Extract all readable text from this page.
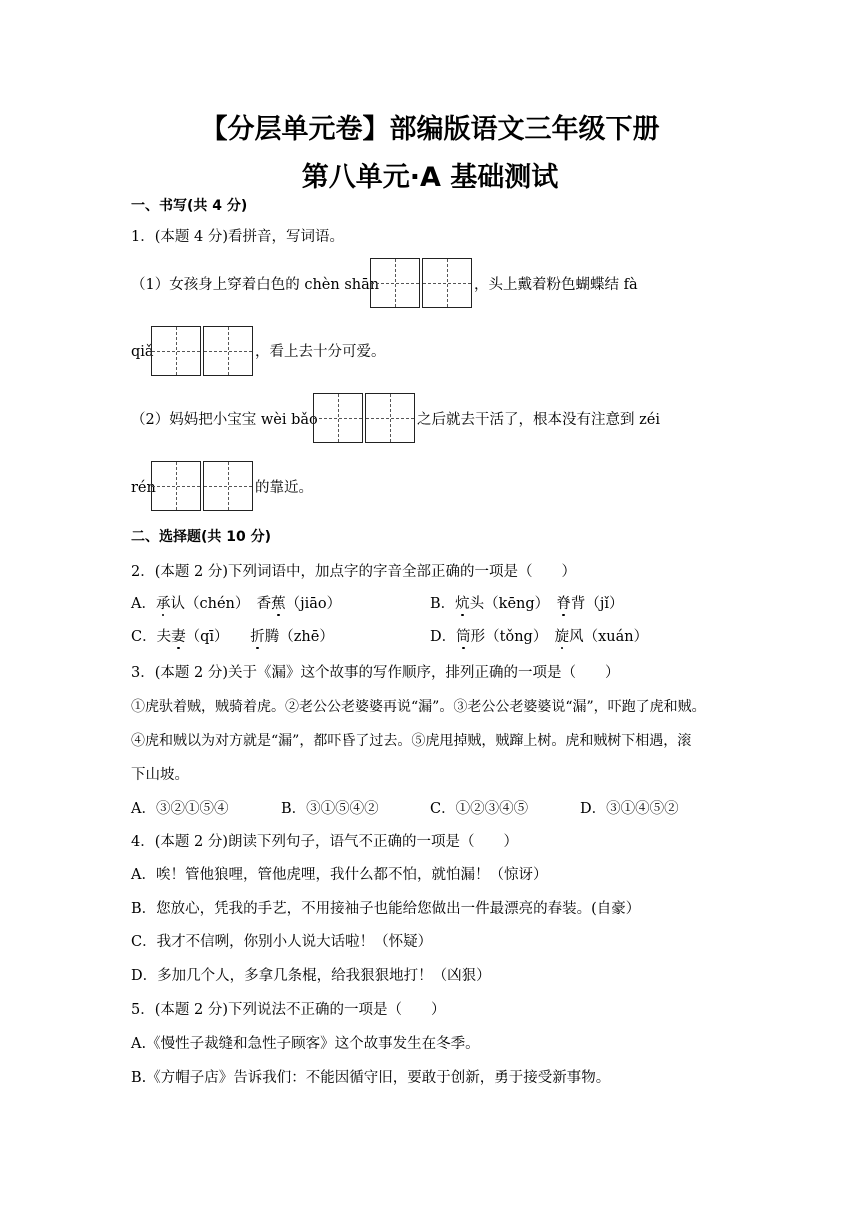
【分层单元卷】部编版语文三年级下册
第八单元·A 基础测试
一、书写(共 4 分)
1．(本题 4 分)看拼音，写词语。
（1）女孩身上穿着白色的 chèn shān	，头上戴着粉色蝴蝶结 fà
qiǎ	，看上去十分可爱。
（2）妈妈把小宝宝 wèi bǎo	之后就去干活了，根本没有注意到 zéi
rén	的靠近。
二、选择题(共 10 分)
2．(本题 2 分)下列词语中，加点字的字音全部正确的一项是（　　）
A．承认（chén）　 香蕉（jiāo）	B．炕头（kēng）　 脊背（jǐ）
C．夫妻（qī）　　 折腾（zhē）	D．筒形（tǒng）　 旋风（xuán）
3．(本题 2 分)关于《漏》这个故事的写作顺序，排列正确的一项是（　　）
①虎驮着贼，贼骑着虎。②老公公老婆婆再说“漏”。③老公公老婆婆说“漏”，吓跑了虎和贼。
④虎和贼以为对方就是“漏”，都吓昏了过去。⑤虎甩掉贼，贼蹿上树。虎和贼树下相遇，滚
下山坡。
A．③②①⑤④	B．③①⑤④②	C．①②③④⑤	D．③①④⑤②
4．(本题 2 分)朗读下列句子，语气不正确的一项是（　　）
A．唉！管他狼哩，管他虎哩，我什么都不怕，就怕漏！（惊讶）
B．您放心，凭我的手艺，不用接袖子也能给您做出一件最漂亮的春装。(自豪）
C．我才不信咧，你别小人说大话啦！（怀疑）
D．多加几个人，多拿几条棍，给我狠狠地打！（凶狠）
5．(本题 2 分)下列说法不正确的一项是（　　）
A.《慢性子裁缝和急性子顾客》这个故事发生在冬季。
B.《方帽子店》告诉我们：不能因循守旧，要敢于创新，勇于接受新事物。
